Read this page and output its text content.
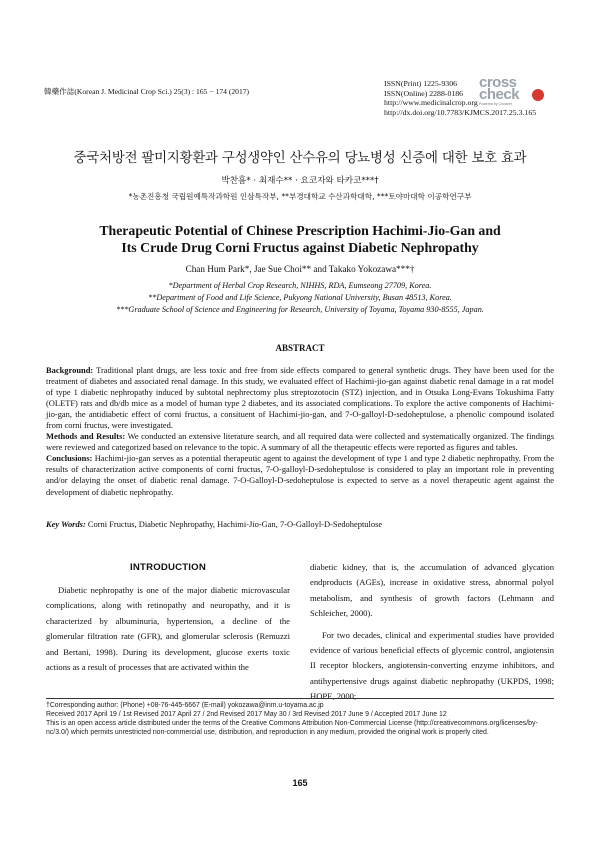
韓藥作誌(Korean J. Medicinal Crop Sci.) 25(3) : 165 − 174 (2017)
ISSN(Print) 1225-9306
ISSN(Online) 2288-0186
http://www.medicinalcrop.org
http://dx.doi.org/10.7783/KJMCS.2017.25.3.165
cross
check
Powered by Crossref
중국처방전 팔미지황환과 구성생약인 산수유의 당뇨병성 신증에 대한 보호 효과
박찬흠* · 최재수** · 요코자와 타카코***†
*농촌진흥청 국립원예특작과학원 인삼특작부, **부경대학교 수산과학대학, ***토야마대학 이공학연구부
Therapeutic Potential of Chinese Prescription Hachimi-Jio-Gan and
Its Crude Drug Corni Fructus against Diabetic Nephropathy
Chan Hum Park*, Jae Sue Choi** and Takako Yokozawa***†
*Department of Herbal Crop Research, NIHHS, RDA, Eumseong 27709, Korea.
**Department of Food and Life Science, Pukyong National University, Busan 48513, Korea.
***Graduate School of Science and Engineering for Research, University of Toyama, Toyama 930-8555, Japan.
ABSTRACT

Background: Traditional plant drugs, are less toxic and free from side effects compared to general synthetic drugs. They have been used for the treatment of diabetes and associated renal damage. In this study, we evaluated effect of Hachimi-jio-gan against diabetic renal damage in a rat model of type 1 diabetic nephropathy induced by subtotal nephrectomy plus streptozotocin (STZ) injection, and in Otsuka Long-Evans Tokushima Fatty (OLETF) rats and db/db mice as a model of human type 2 diabetes, and its associated complications. To explore the active components of Hachimi-jio-gan, the antidiabetic effect of corni fructus, a consituent of Hachimi-jio-gan, and 7-O-galloyl-D-sedoheptulose, a phenolic compound isolated from corni fructus, were investigated.

Methods and Results: We conducted an extensive literature search, and all required data were collected and systematically organized. The findings were reviewed and categorized based on relevance to the topic. A summary of all the therapeutic effects were reported as figures and tables.

Conclusions: Hachimi-jio-gan serves as a potential therapeutic agent to against the development of type 1 and type 2 diabetic nephropathy. From the results of characterization active components of corni fructus, 7-O-galloyl-D-sedoheptulose is considered to play an important role in preventing and/or delaying the onset of diabetic renal damage. 7-O-Galloyl-D-sedoheptulose is expected to serve as a novel therapeutic agent against the development of diabetic nephropathy.

Key Words: Corni Fructus, Diabetic Nephropathy, Hachimi-Jio-Gan, 7-O-Galloyl-D-Sedoheptulose
INTRODUCTION

Diabetic nephropathy is one of the major diabetic microvascular complications, along with retinopathy and neuropathy, and it is characterized by albuminuria, hypertension, a decline of the glomerular filtration rate (GFR), and glomerular sclerosis (Remuzzi and Bertani, 1998). During its development, glucose exerts toxic actions as a result of processes that are activated within the

diabetic kidney, that is, the accumulation of advanced glycation endproducts (AGEs), increase in oxidative stress, abnormal polyol metabolism, and synthesis of growth factors (Lehmann and Schleicher, 2000).

For two decades, clinical and experimental studies have provided evidence of various beneficial effects of glycemic control, angiotensin II receptor blockers, angiotensin-converting enzyme inhibitors, and antihypertensive drugs against diabetic nephropathy (UKPDS, 1998; HOPE, 2000;

†Corresponding author: (Phone) +08-76-445-6667 (E-mail) yokozawa@inm.u-toyama.ac.jp
Received 2017 April 19 / 1st Revised 2017 April 27 / 2nd Revised 2017 May 30 / 3rd Revised 2017 June 9 / Accepted 2017 June 12
This is an open access article distributed under the terms of the Creative Commons Attribution Non-Commercial License (http://creativecommons.org/licenses/by-nc/3.0/) which permits unrestricted non-commercial use, distribution, and reproduction in any medium, provided the original work is properly cited.
165
